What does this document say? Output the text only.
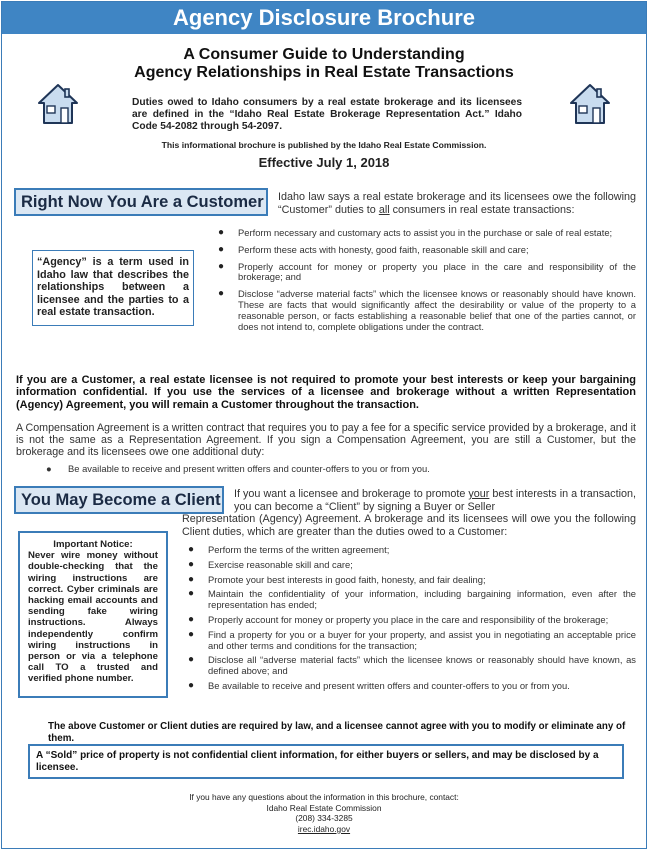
Agency Disclosure Brochure
A Consumer Guide to Understanding
Agency Relationships in Real Estate Transactions
Duties owed to Idaho consumers by a real estate brokerage and its licensees are defined in the “Idaho Real Estate Brokerage Representation Act.” Idaho Code 54-2082 through 54-2097.
This informational brochure is published by the Idaho Real Estate Commission.
Effective July 1, 2018
Right Now You Are a Customer	Idaho law says a real estate brokerage and its licensees owe the following “Customer” duties to all consumers in real estate transactions:
“Agency” is a term used in Idaho law that describes the relationships between a licensee and the parties to a real estate transaction.
● Perform necessary and customary acts to assist you in the purchase or sale of real estate;
● Perform these acts with honesty, good faith, reasonable skill and care;
● Properly account for money or property you place in the care and responsibility of the brokerage; and
● Disclose “adverse material facts” which the licensee knows or reasonably should have known. These are facts that would significantly affect the desirability or value of the property to a reasonable person, or facts establishing a reasonable belief that one of the parties cannot, or does not intend to, complete obligations under the contract.
If you are a Customer, a real estate licensee is not required to promote your best interests or keep your bargaining information confidential. If you use the services of a licensee and brokerage without a written Representation (Agency) Agreement, you will remain a Customer throughout the transaction.
A Compensation Agreement is a written contract that requires you to pay a fee for a specific service provided by a brokerage, and it is not the same as a Representation Agreement. If you sign a Compensation Agreement, you are still a Customer, but the brokerage and its licensees owe one additional duty:
● Be available to receive and present written offers and counter-offers to you or from you.
You May Become a Client	If you want a licensee and brokerage to promote your best interests in a transaction, you can become a “Client” by signing a Buyer or Seller
Representation (Agency) Agreement. A brokerage and its licensees will owe you the following Client duties, which are greater than the duties owed to a Customer:
Important Notice:
Never wire money without double-checking that the wiring instructions are correct. Cyber criminals are hacking email accounts and sending fake wiring instructions. Always independently confirm wiring instructions in person or via a telephone call TO a trusted and verified phone number.
● Perform the terms of the written agreement;
● Exercise reasonable skill and care;
● Promote your best interests in good faith, honesty, and fair dealing;
● Maintain the confidentiality of your information, including bargaining information, even after the representation has ended;
● Properly account for money or property you place in the care and responsibility of the brokerage;
● Find a property for you or a buyer for your property, and assist you in negotiating an acceptable price and other terms and conditions for the transaction;
● Disclose all “adverse material facts” which the licensee knows or reasonably should have known, as defined above; and
● Be available to receive and present written offers and counter-offers to you or from you.
The above Customer or Client duties are required by law, and a licensee cannot agree with you to modify or eliminate any of them.
A “Sold” price of property is not confidential client information, for either buyers or sellers, and may be disclosed by a licensee.
If you have any questions about the information in this brochure, contact:
Idaho Real Estate Commission
(208) 334-3285
irec.idaho.gov
